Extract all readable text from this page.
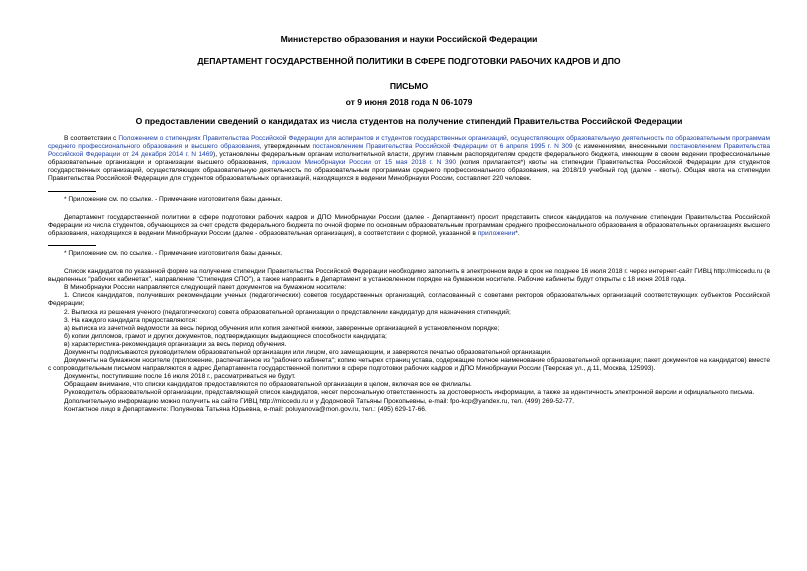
Министерство образования и науки Российской Федерации
ДЕПАРТАМЕНТ ГОСУДАРСТВЕННОЙ ПОЛИТИКИ В СФЕРЕ ПОДГОТОВКИ РАБОЧИХ КАДРОВ И ДПО
ПИСЬМО
от 9 июня 2018 года N 06-1079
О предоставлении сведений о кандидатах из числа студентов на получение стипендий Правительства Российской Федерации

В соответствии с Положением о стипендиях Правительства Российской Федерации для аспирантов и студентов государственных организаций, осуществляющих образовательную деятельность по образовательным программам среднего профессионального образования и высшего образования, утвержденным постановлением Правительства Российской Федерации от 6 апреля 1995 г. N 309 (с изменениями, внесенными постановлением Правительства Российской Федерации от 24 декабря 2014 г. N 1469), установлены федеральным органам исполнительной власти, другим главным распорядителям средств федерального бюджета, имеющим в своем ведении профессиональные образовательные организации и организации высшего образования, приказом Минобрнауки России от 15 мая 2018 г. N 390 (копия прилагается*) квоты на стипендии Правительства Российской Федерации для студентов государственных организаций, осуществляющих образовательную деятельность по образовательным программам среднего профессионального образования, на 2018/19 учебный год (далее - квоты). Общая квота на стипендии Правительства Российской Федерации для студентов образовательных организаций, находящихся в ведении Минобрнауки России, составляет 220 человек.

* Приложение см. по ссылке. - Примечание изготовителя базы данных.

Департамент государственной политики в сфере подготовки рабочих кадров и ДПО Минобрнауки России (далее - Департамент) просит представить список кандидатов на получение стипендии Правительства Российской Федерации из числа студентов, обучающихся за счет средств федерального бюджета по очной форме по основным образовательным программам среднего профессионального образования в образовательных организациях высшего образования, находящихся в ведении Минобрнауки России (далее - образовательная организация), в соответствии с формой, указанной в приложении*.

* Приложение см. по ссылке. - Примечание изготовителя базы данных.

Список кандидатов по указанной форме на получение стипендии Правительства Российской Федерации необходимо заполнить в электронном виде в срок не позднее 16 июля 2018 г. через интернет-сайт ГИВЦ http://miccedu.ru (в выделенных "рабочих кабинетах", направление "Стипендия СПО"), а также направить в Департамент в установленном порядке на бумажном носителе. Рабочие кабинеты будут открыты с 18 июня 2018 года.

В Минобрнауки России направляется следующий пакет документов на бумажном носителе:

1. Список кандидатов, получивших рекомендации ученых (педагогических) советов государственных организаций, согласованный с советами ректоров образовательных организаций соответствующих субъектов Российской Федерации;

2. Выписка из решения ученого (педагогического) совета образовательной организации о представлении кандидатур для назначения стипендий;

3. На каждого кандидата предоставляются:

а) выписка из зачетной ведомости за весь период обучения или копия зачетной книжки, заверенные организацией в установленном порядке;

б) копии дипломов, грамот и других документов, подтверждающих выдающиеся способности кандидата;

в) характеристика-рекомендация организации за весь период обучения.

Документы подписываются руководителем образовательной организации или лицом, его замещающим, и заверяются печатью образовательной организации.

Документы на бумажном носителе (приложение, распечатанное из "рабочего кабинета"; копию четырех страниц устава, содержащие полное наименование образовательной организации; пакет документов на кандидатов) вместе с сопроводительным письмом направляются в адрес Департамента государственной политики в сфере подготовки рабочих кадров и ДПО Минобрнауки России (Тверская ул., д.11, Москва, 125993).

Документы, поступившие после 16 июля 2018 г., рассматриваться не будут.

Обращаем внимание, что списки кандидатов предоставляются по образовательной организации в целом, включая все ее филиалы.

Руководитель образовательной организации, представляющей список кандидатов, несет персональную ответственность за достоверность информации, а также за идентичность электронной версии и официального письма.

Дополнительную информацию можно получить на сайте ГИВЦ http://miccedu.ru и у Додоновой Татьяны Прокопьевны, e-mail: fpo-kcp@yandex.ru, тел. (499) 269-52-77.

Контактное лицо в Департаменте: Полуянова Татьяна Юрьевна, e-mail: poluyanova@mon.gov.ru, тел.: (495) 629-17-66.
